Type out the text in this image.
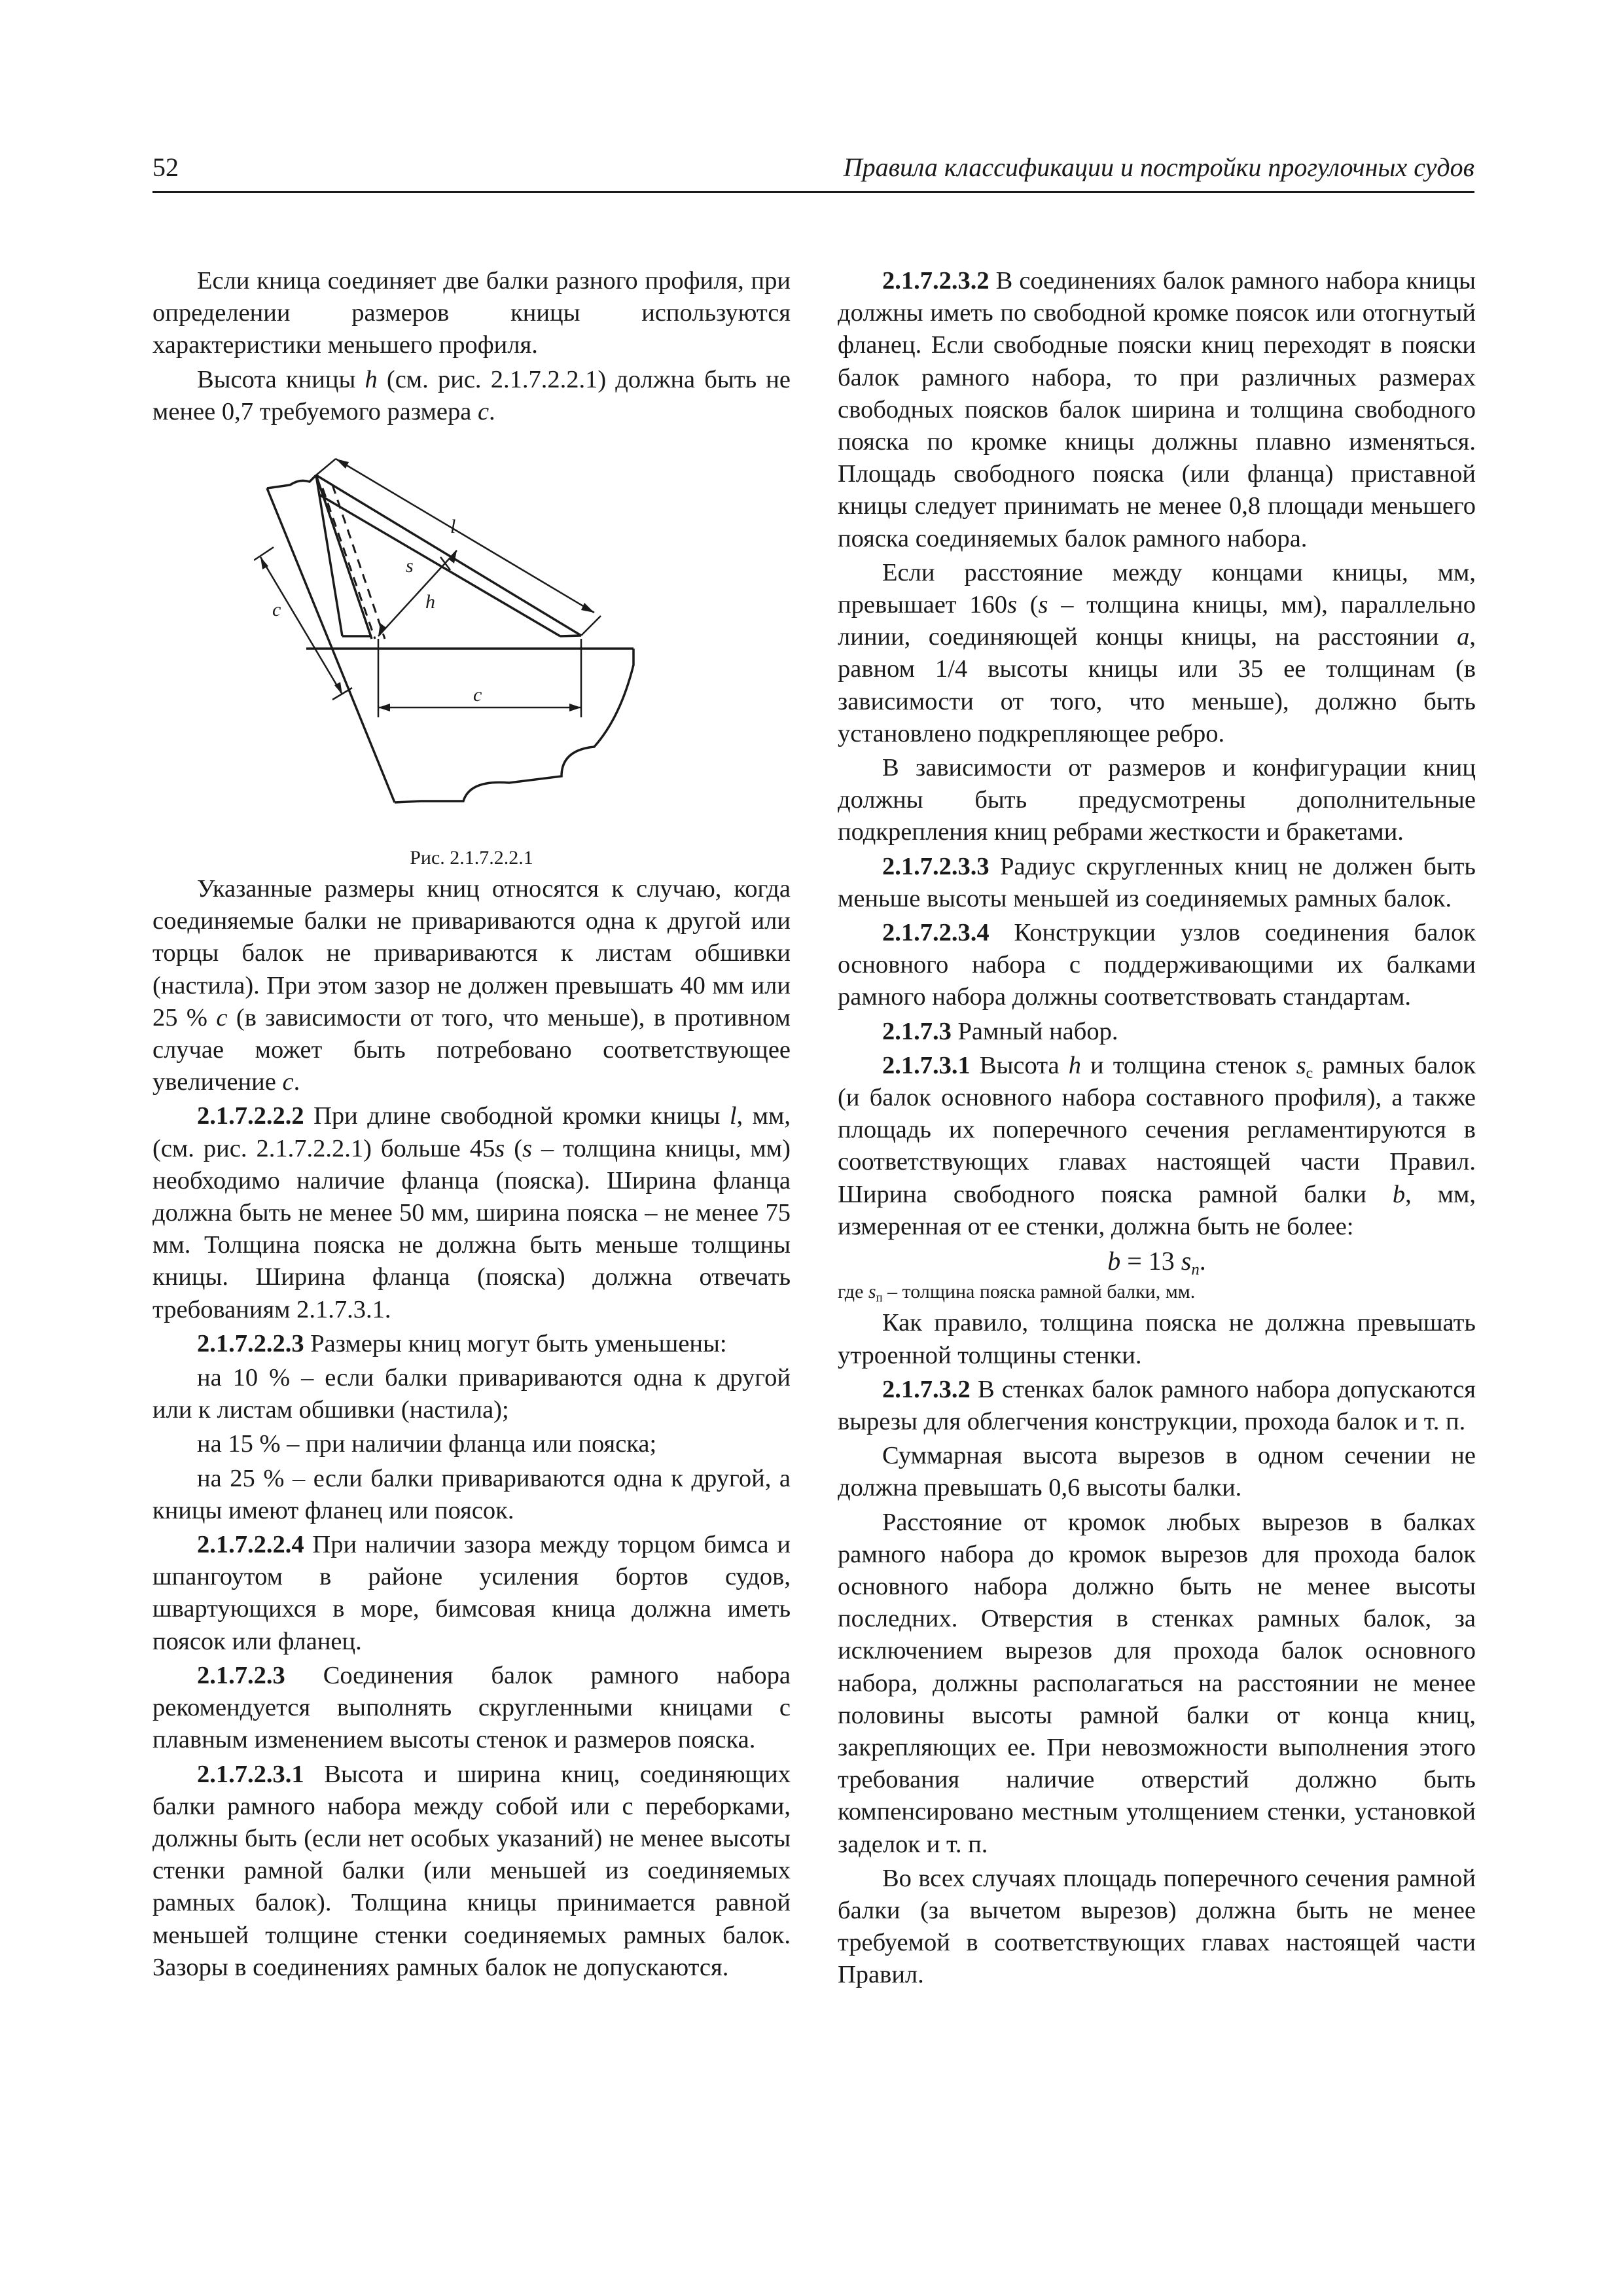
52	Правила классификации и постройки прогулочных судов

Если кница соединяет две балки разного профиля, при определении размеров кницы используются характеристики меньшего профиля.

Высота кницы h (см. рис. 2.1.7.2.2.1) должна быть не менее 0,7 требуемого размера c.

l
s
h
c
c

Рис. 2.1.7.2.2.1

Указанные размеры книц относятся к случаю, когда соединяемые балки не привариваются одна к другой или торцы балок не привариваются к листам обшивки (настила). При этом зазор не должен превышать 40 мм или 25 % c (в зависимости от того, что меньше), в противном случае может быть потребовано соответствующее увеличение c.

2.1.7.2.2.2 При длине свободной кромки кницы l, мм, (см. рис. 2.1.7.2.2.1) больше 45s (s – толщина кницы, мм) необходимо наличие фланца (пояска). Ширина фланца должна быть не менее 50 мм, ширина пояска – не менее 75 мм. Толщина пояска не должна быть меньше толщины кницы. Ширина фланца (пояска) должна отвечать требованиям 2.1.7.3.1.

2.1.7.2.2.3 Размеры книц могут быть уменьшены:

на 10 % – если балки привариваются одна к другой или к листам обшивки (настила);

на 15 % – при наличии фланца или пояска;

на 25 % – если балки привариваются одна к другой, а кницы имеют фланец или поясок.

2.1.7.2.2.4 При наличии зазора между торцом бимса и шпангоутом в районе усиления бортов судов, швартующихся в море, бимсовая кница должна иметь поясок или фланец.

2.1.7.2.3 Соединения балок рамного набора рекомендуется выполнять скругленными кницами с плавным изменением высоты стенок и размеров пояска.

2.1.7.2.3.1 Высота и ширина книц, соединяющих балки рамного набора между собой или с переборками, должны быть (если нет особых указаний) не менее высоты стенки рамной балки (или меньшей из соединяемых рамных балок). Толщина кницы принимается равной меньшей толщине стенки соединяемых рамных балок. Зазоры в соединениях рамных балок не допускаются.

2.1.7.2.3.2 В соединениях балок рамного набора кницы должны иметь по свободной кромке поясок или отогнутый фланец. Если свободные пояски книц переходят в пояски балок рамного набора, то при различных размерах свободных поясков балок ширина и толщина свободного пояска по кромке кницы должны плавно изменяться. Площадь свободного пояска (или фланца) приставной кницы следует принимать не менее 0,8 площади меньшего пояска соединяемых балок рамного набора.

Если расстояние между концами кницы, мм, превышает 160s (s – толщина кницы, мм), параллельно линии, соединяющей концы кницы, на расстоянии a, равном 1/4 высоты кницы или 35 ее толщинам (в зависимости от того, что меньше), должно быть установлено подкрепляющее ребро.

В зависимости от размеров и конфигурации книц должны быть предусмотрены дополнительные подкрепления книц ребрами жесткости и бракетами.

2.1.7.2.3.3 Радиус скругленных книц не должен быть меньше высоты меньшей из соединяемых рамных балок.

2.1.7.2.3.4 Конструкции узлов соединения балок основного набора с поддерживающими их балками рамного набора должны соответствовать стандартам.

2.1.7.3 Рамный набор.

2.1.7.3.1 Высота h и толщина стенок $s_c$ рамных балок (и балок основного набора составного профиля), а также площадь их поперечного сечения регламентируются в соответствующих главах настоящей части Правил. Ширина свободного пояска рамной балки b, мм, измеренная от ее стенки, должна быть не более:

b = 13 $s_п$.

где $s_п$ – толщина пояска рамной балки, мм.

Как правило, толщина пояска не должна превышать утроенной толщины стенки.

2.1.7.3.2 В стенках балок рамного набора допускаются вырезы для облегчения конструкции, прохода балок и т. п.

Суммарная высота вырезов в одном сечении не должна превышать 0,6 высоты балки.

Расстояние от кромок любых вырезов в балках рамного набора до кромок вырезов для прохода балок основного набора должно быть не менее высоты последних. Отверстия в стенках рамных балок, за исключением вырезов для прохода балок основного набора, должны располагаться на расстоянии не менее половины высоты рамной балки от конца книц, закрепляющих ее. При невозможности выполнения этого требования наличие отверстий должно быть компенсировано местным утолщением стенки, установкой заделок и т. п.

Во всех случаях площадь поперечного сечения рамной балки (за вычетом вырезов) должна быть не менее требуемой в соответствующих главах настоящей части Правил.
